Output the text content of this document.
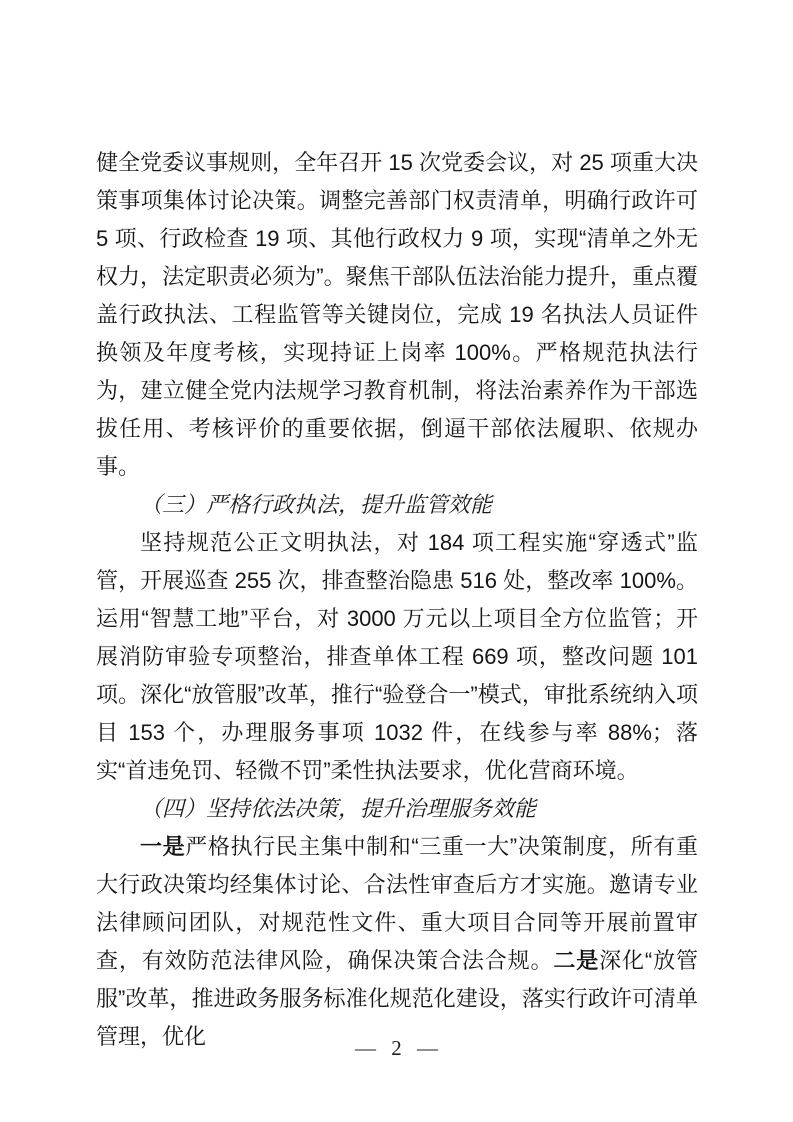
健全党委议事规则，全年召开 15 次党委会议，对 25 项重大决策事项集体讨论决策。调整完善部门权责清单，明确行政许可 5 项、行政检查 19 项、其他行政权力 9 项，实现“清单之外无权力，法定职责必须为”。聚焦干部队伍法治能力提升，重点覆盖行政执法、工程监管等关键岗位，完成 19 名执法人员证件换领及年度考核，实现持证上岗率 100%。严格规范执法行为，建立健全党内法规学习教育机制，将法治素养作为干部选拔任用、考核评价的重要依据，倒逼干部依法履职、依规办事。

（三）严格行政执法，提升监管效能

坚持规范公正文明执法，对 184 项工程实施“穿透式”监管，开展巡查 255 次，排查整治隐患 516 处，整改率 100%。运用“智慧工地”平台，对 3000 万元以上项目全方位监管；开展消防审验专项整治，排查单体工程 669 项，整改问题 101 项。深化“放管服”改革，推行“验登合一”模式，审批系统纳入项目 153 个，办理服务事项 1032 件，在线参与率 88%；落实“首违免罚、轻微不罚”柔性执法要求，优化营商环境。

（四）坚持依法决策，提升治理服务效能

一是严格执行民主集中制和“三重一大”决策制度，所有重大行政决策均经集体讨论、合法性审查后方才实施。邀请专业法律顾问团队，对规范性文件、重大项目合同等开展前置审查，有效防范法律风险，确保决策合法合规。二是深化“放管服”改革，推进政务服务标准化规范化建设，落实行政许可清单管理，优化	— 2 —
